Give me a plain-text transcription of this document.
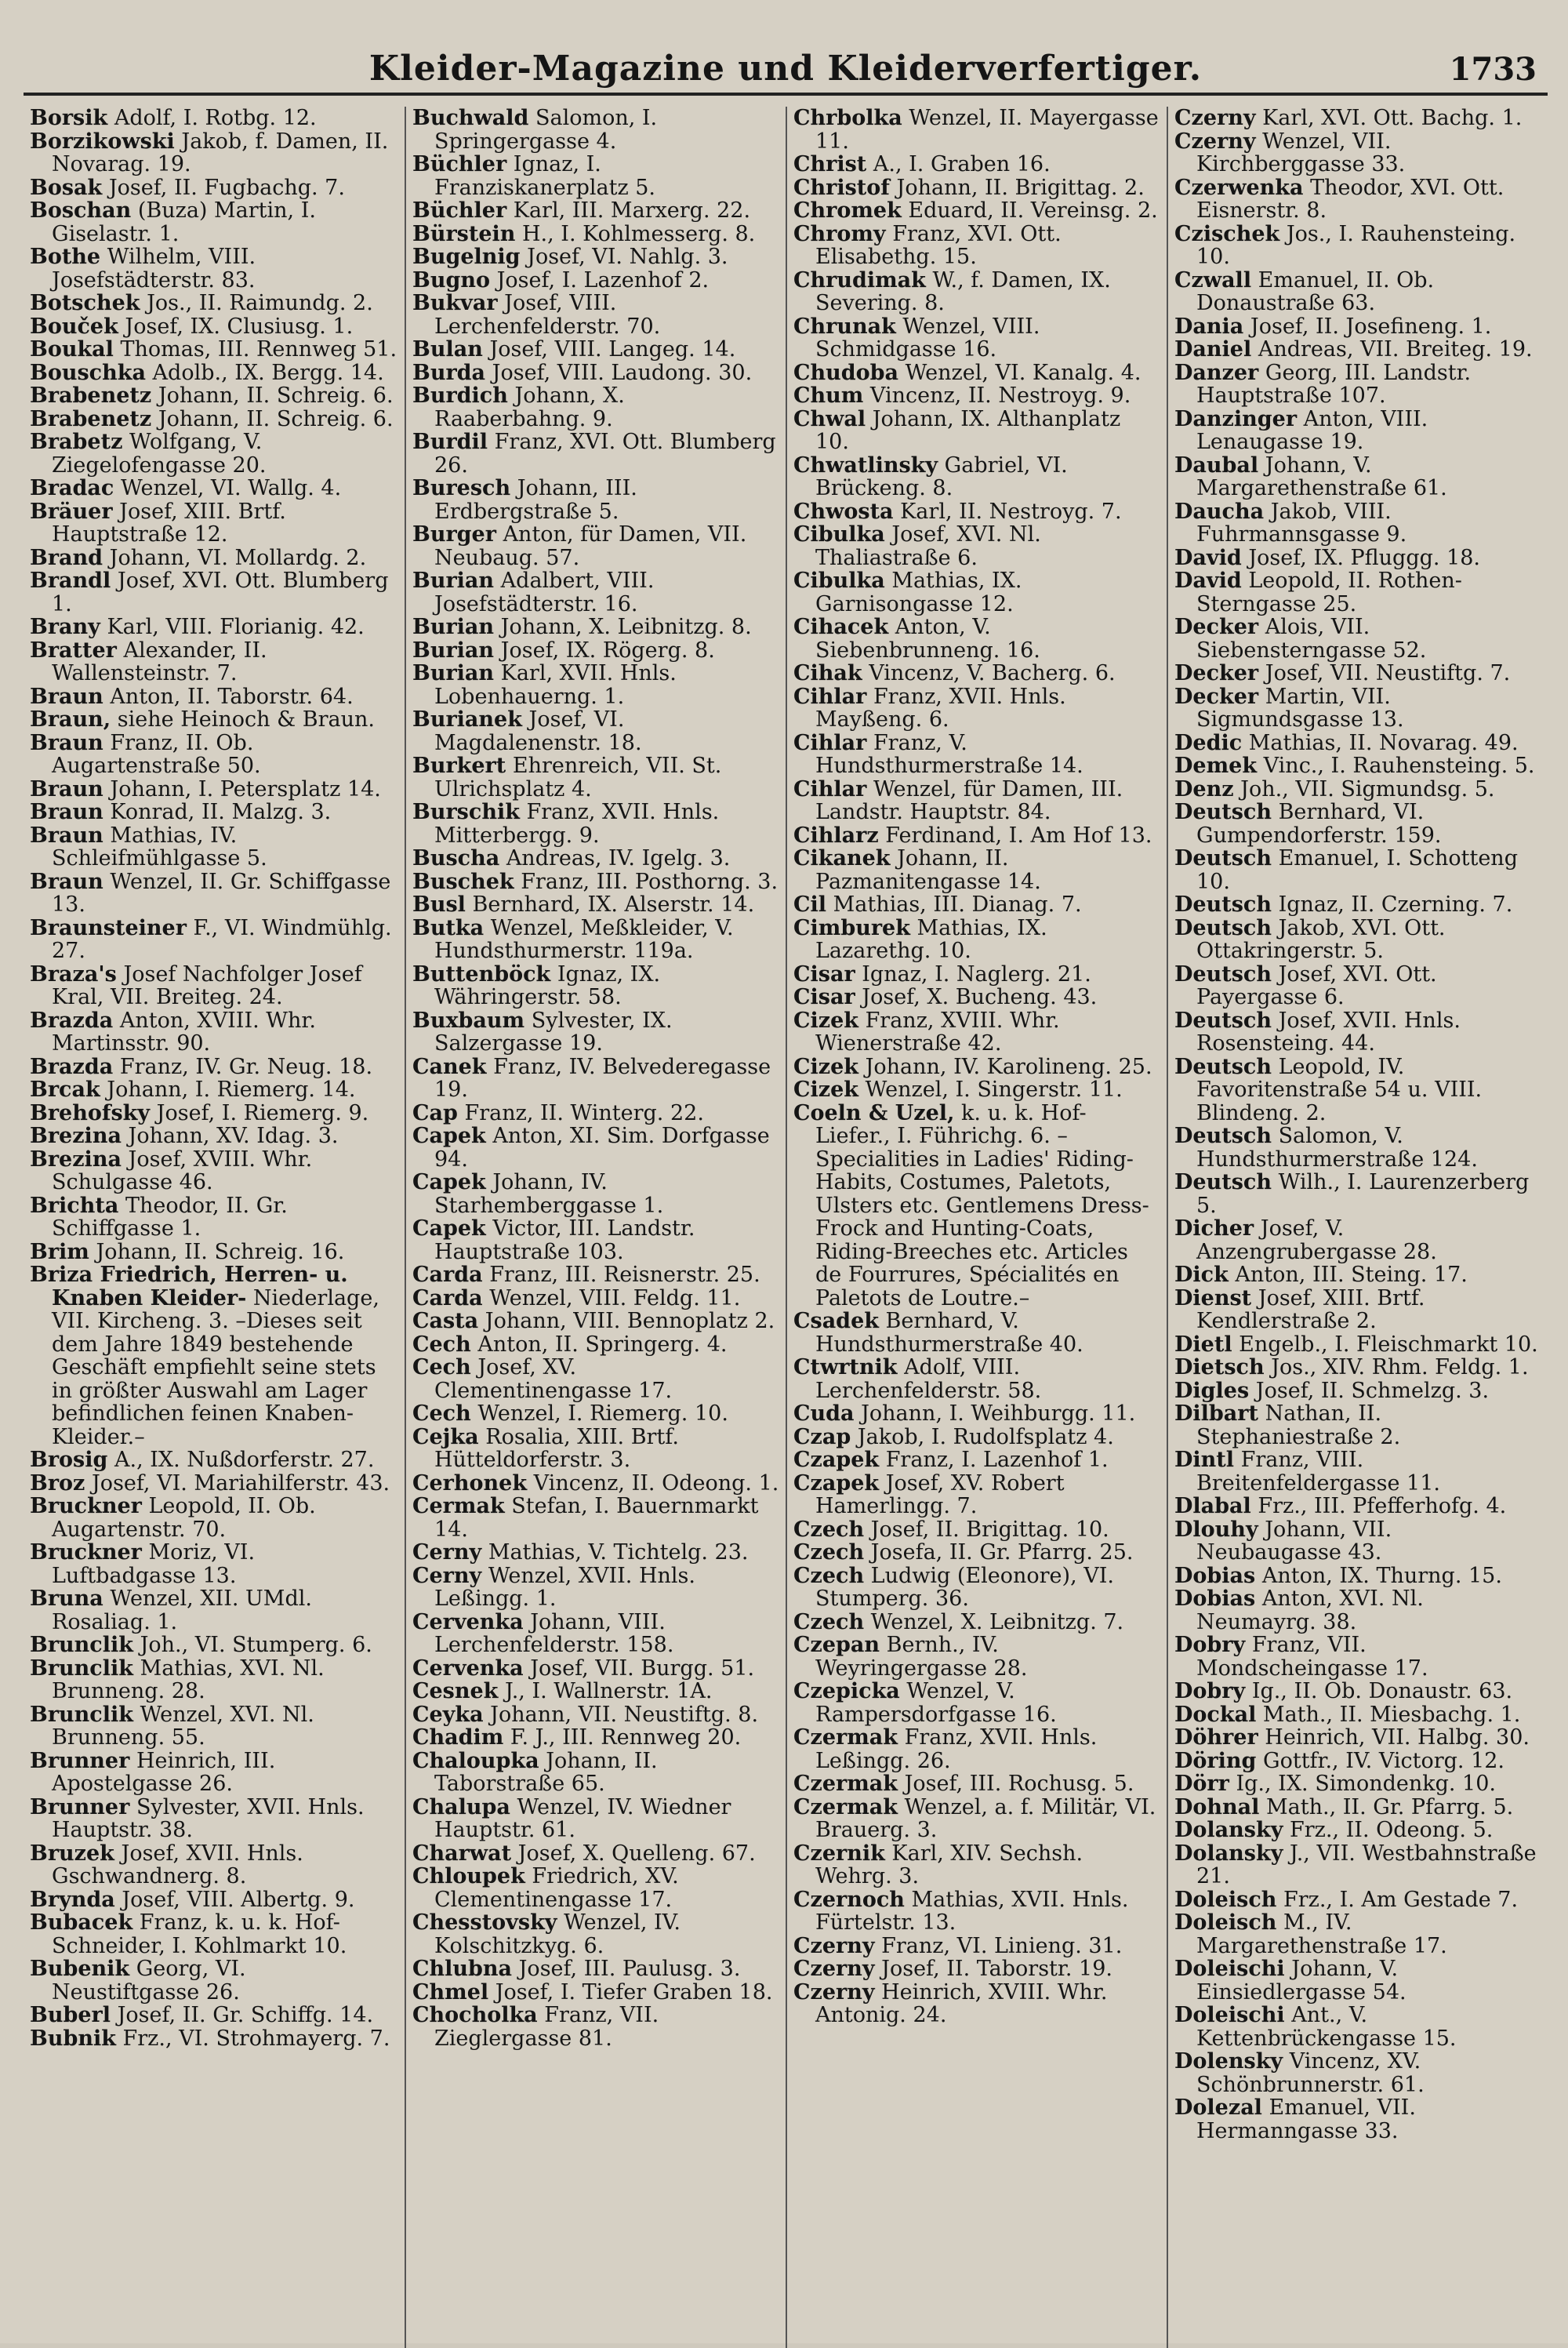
Kleider-Magazine und Kleiderverfertiger.	1733
Borsik Adolf, I. Rotbg. 12.
Borzikowski Jakob, f. Damen, II. Novarag. 19.
Bosak Josef, II. Fugbachg. 7.
Boschan (Buza) Martin, I. Giselastr. 1.
Bothe Wilhelm, VIII. Josefstädterstr. 83.
Botschek Jos., II. Raimundg. 2.
Bouček Josef, IX. Clusiusg. 1.
Boukal Thomas, III. Rennweg 51.
Bouschka Adolb., IX. Bergg. 14.
Brabenetz Johann, II. Schreig. 6.
Brabenetz Johann, II. Schreig. 6.
Brabetz Wolfgang, V. Ziegelofengasse 20.
Bradac Wenzel, VI. Wallg. 4.
Bräuer Josef, XIII. Brtf. Hauptstraße 12.
Brand Johann, VI. Mollardg. 2.
Brandl Josef, XVI. Ott. Blumberg 1.
Brany Karl, VIII. Florianig. 42.
Bratter Alexander, II. Wallensteinstr. 7.
Braun Anton, II. Taborstr. 64.
Braun, siehe Heinoch & Braun.
Braun Franz, II. Ob. Augartenstraße 50.
Braun Johann, I. Petersplatz 14.
Braun Konrad, II. Malzg. 3.
Braun Mathias, IV. Schleifmühlgasse 5.
Braun Wenzel, II. Gr. Schiffgasse 13.
Braunsteiner F., VI. Windmühlg. 27.
Braza's Josef Nachfolger Josef Kral, VII. Breiteg. 24.
Brazda Anton, XVIII. Whr. Martinsstr. 90.
Brazda Franz, IV. Gr. Neug. 18.
Brcak Johann, I. Riemerg. 14.
Brehofsky Josef, I. Riemerg. 9.
Brezina Johann, XV. Idag. 3.
Brezina Josef, XVIII. Whr. Schulgasse 46.
Brichta Theodor, II. Gr. Schiffgasse 1.
Brim Johann, II. Schreig. 16.
Briza Friedrich, Herren- u. Knaben Kleider- Niederlage, VII. Kircheng. 3. –Dieses seit dem Jahre 1849 bestehende Geschäft empfiehlt seine stets in größter Auswahl am Lager befindlichen feinen Knaben-Kleider.–
Brosig A., IX. Nußdorferstr. 27.
Broz Josef, VI. Mariahilferstr. 43.
Bruckner Leopold, II. Ob. Augartenstr. 70.
Bruckner Moriz, VI. Luftbadgasse 13.
Bruna Wenzel, XII. UMdl. Rosaliag. 1.
Brunclik Joh., VI. Stumperg. 6.
Brunclik Mathias, XVI. Nl. Brunneng. 28.
Brunclik Wenzel, XVI. Nl. Brunneng. 55.
Brunner Heinrich, III. Apostelgasse 26.
Brunner Sylvester, XVII. Hnls. Hauptstr. 38.
Bruzek Josef, XVII. Hnls. Gschwandnerg. 8.
Brynda Josef, VIII. Albertg. 9.
Bubacek Franz, k. u. k. Hof-Schneider, I. Kohlmarkt 10.
Bubenik Georg, VI. Neustiftgasse 26.
Buberl Josef, II. Gr. Schiffg. 14.
Bubnik Frz., VI. Strohmayerg. 7.
Buchwald Salomon, I. Springergasse 4.
Büchler Ignaz, I. Franziskanerplatz 5.
Büchler Karl, III. Marxerg. 22.
Bürstein H., I. Kohlmesserg. 8.
Bugelnig Josef, VI. Nahlg. 3.
Bugno Josef, I. Lazenhof 2.
Bukvar Josef, VIII. Lerchenfelderstr. 70.
Bulan Josef, VIII. Langeg. 14.
Burda Josef, VIII. Laudong. 30.
Burdich Johann, X. Raaberbahng. 9.
Burdil Franz, XVI. Ott. Blumberg 26.
Buresch Johann, III. Erdbergstraße 5.
Burger Anton, für Damen, VII. Neubaug. 57.
Burian Adalbert, VIII. Josefstädterstr. 16.
Burian Johann, X. Leibnitzg. 8.
Burian Josef, IX. Rögerg. 8.
Burian Karl, XVII. Hnls. Lobenhauerng. 1.
Burianek Josef, VI. Magdalenenstr. 18.
Burkert Ehrenreich, VII. St. Ulrichsplatz 4.
Burschik Franz, XVII. Hnls. Mitterbergg. 9.
Buscha Andreas, IV. Igelg. 3.
Buschek Franz, III. Posthorng. 3.
Busl Bernhard, IX. Alserstr. 14.
Butka Wenzel, Meßkleider, V. Hundsthurmerstr. 119a.
Buttenböck Ignaz, IX. Währingerstr. 58.
Buxbaum Sylvester, IX. Salzergasse 19.
Canek Franz, IV. Belvederegasse 19.
Cap Franz, II. Winterg. 22.
Capek Anton, XI. Sim. Dorfgasse 94.
Capek Johann, IV. Starhemberggasse 1.
Capek Victor, III. Landstr. Hauptstraße 103.
Carda Franz, III. Reisnerstr. 25.
Carda Wenzel, VIII. Feldg. 11.
Casta Johann, VIII. Bennoplatz 2.
Cech Anton, II. Springerg. 4.
Cech Josef, XV. Clementinengasse 17.
Cech Wenzel, I. Riemerg. 10.
Cejka Rosalia, XIII. Brtf. Hütteldorferstr. 3.
Cerhonek Vincenz, II. Odeong. 1.
Cermak Stefan, I. Bauernmarkt 14.
Cerny Mathias, V. Tichtelg. 23.
Cerny Wenzel, XVII. Hnls. Leßingg. 1.
Cervenka Johann, VIII. Lerchenfelderstr. 158.
Cervenka Josef, VII. Burgg. 51.
Cesnek J., I. Wallnerstr. 1A.
Ceyka Johann, VII. Neustiftg. 8.
Chadim F. J., III. Rennweg 20.
Chaloupka Johann, II. Taborstraße 65.
Chalupa Wenzel, IV. Wiedner Hauptstr. 61.
Charwat Josef, X. Quelleng. 67.
Chloupek Friedrich, XV. Clementinengasse 17.
Chesstovsky Wenzel, IV. Kolschitzkyg. 6.
Chlubna Josef, III. Paulusg. 3.
Chmel Josef, I. Tiefer Graben 18.
Chocholka Franz, VII. Zieglergasse 81.
Chrbolka Wenzel, II. Mayergasse 11.
Christ A., I. Graben 16.
Christof Johann, II. Brigittag. 2.
Chromek Eduard, II. Vereinsg. 2.
Chromy Franz, XVI. Ott. Elisabethg. 15.
Chrudimak W., f. Damen, IX. Severing. 8.
Chrunak Wenzel, VIII. Schmidgasse 16.
Chudoba Wenzel, VI. Kanalg. 4.
Chum Vincenz, II. Nestroyg. 9.
Chwal Johann, IX. Althanplatz 10.
Chwatlinsky Gabriel, VI. Brückeng. 8.
Chwosta Karl, II. Nestroyg. 7.
Cibulka Josef, XVI. Nl. Thaliastraße 6.
Cibulka Mathias, IX. Garnisongasse 12.
Cihacek Anton, V. Siebenbrunneng. 16.
Cihak Vincenz, V. Bacherg. 6.
Cihlar Franz, XVII. Hnls. Mayßeng. 6.
Cihlar Franz, V. Hundsthurmerstraße 14.
Cihlar Wenzel, für Damen, III. Landstr. Hauptstr. 84.
Cihlarz Ferdinand, I. Am Hof 13.
Cikanek Johann, II. Pazmanitengasse 14.
Cil Mathias, III. Dianag. 7.
Cimburek Mathias, IX. Lazarethg. 10.
Cisar Ignaz, I. Naglerg. 21.
Cisar Josef, X. Bucheng. 43.
Cizek Franz, XVIII. Whr. Wienerstraße 42.
Cizek Johann, IV. Karolineng. 25.
Cizek Wenzel, I. Singerstr. 11.
Coeln & Uzel, k. u. k. Hof-Liefer., I. Führichg. 6. –Specialities in Ladies' Riding-Habits, Costumes, Paletots, Ulsters etc. Gentlemens Dress-Frock and Hunting-Coats, Riding-Breeches etc. Articles de Fourrures, Spécialités en Paletots de Loutre.–
Csadek Bernhard, V. Hundsthurmerstraße 40.
Ctwrtnik Adolf, VIII. Lerchenfelderstr. 58.
Cuda Johann, I. Weihburgg. 11.
Czap Jakob, I. Rudolfsplatz 4.
Czapek Franz, I. Lazenhof 1.
Czapek Josef, XV. Robert Hamerlingg. 7.
Czech Josef, II. Brigittag. 10.
Czech Josefa, II. Gr. Pfarrg. 25.
Czech Ludwig (Eleonore), VI. Stumperg. 36.
Czech Wenzel, X. Leibnitzg. 7.
Czepan Bernh., IV. Weyringergasse 28.
Czepicka Wenzel, V. Rampersdorfgasse 16.
Czermak Franz, XVII. Hnls. Leßingg. 26.
Czermak Josef, III. Rochusg. 5.
Czermak Wenzel, a. f. Militär, VI. Brauerg. 3.
Czernik Karl, XIV. Sechsh. Wehrg. 3.
Czernoch Mathias, XVII. Hnls. Fürtelstr. 13.
Czerny Franz, VI. Linieng. 31.
Czerny Josef, II. Taborstr. 19.
Czerny Heinrich, XVIII. Whr. Antonig. 24.
Czerny Karl, XVI. Ott. Bachg. 1.
Czerny Wenzel, VII. Kirchberggasse 33.
Czerwenka Theodor, XVI. Ott. Eisnerstr. 8.
Czischek Jos., I. Rauhensteing. 10.
Czwall Emanuel, II. Ob. Donaustraße 63.
Dania Josef, II. Josefineng. 1.
Daniel Andreas, VII. Breiteg. 19.
Danzer Georg, III. Landstr. Hauptstraße 107.
Danzinger Anton, VIII. Lenaugasse 19.
Daubal Johann, V. Margarethenstraße 61.
Daucha Jakob, VIII. Fuhrmannsgasse 9.
David Josef, IX. Pfluggg. 18.
David Leopold, II. Rothen-Sterngasse 25.
Decker Alois, VII. Siebensterngasse 52.
Decker Josef, VII. Neustiftg. 7.
Decker Martin, VII. Sigmundsgasse 13.
Dedic Mathias, II. Novarag. 49.
Demek Vinc., I. Rauhensteing. 5.
Denz Joh., VII. Sigmundsg. 5.
Deutsch Bernhard, VI. Gumpendorferstr. 159.
Deutsch Emanuel, I. Schotteng 10.
Deutsch Ignaz, II. Czerning. 7.
Deutsch Jakob, XVI. Ott. Ottakringerstr. 5.
Deutsch Josef, XVI. Ott. Payergasse 6.
Deutsch Josef, XVII. Hnls. Rosensteing. 44.
Deutsch Leopold, IV. Favoritenstraße 54 u. VIII. Blindeng. 2.
Deutsch Salomon, V. Hundsthurmerstraße 124.
Deutsch Wilh., I. Laurenzerberg 5.
Dicher Josef, V. Anzengrubergasse 28.
Dick Anton, III. Steing. 17.
Dienst Josef, XIII. Brtf. Kendlerstraße 2.
Dietl Engelb., I. Fleischmarkt 10.
Dietsch Jos., XIV. Rhm. Feldg. 1.
Digles Josef, II. Schmelzg. 3.
Dilbart Nathan, II. Stephaniestraße 2.
Dintl Franz, VIII. Breitenfeldergasse 11.
Dlabal Frz., III. Pfefferhofg. 4.
Dlouhy Johann, VII. Neubaugasse 43.
Dobias Anton, IX. Thurng. 15.
Dobias Anton, XVI. Nl. Neumayrg. 38.
Dobry Franz, VII. Mondscheingasse 17.
Dobry Ig., II. Ob. Donaustr. 63.
Dockal Math., II. Miesbachg. 1.
Döhrer Heinrich, VII. Halbg. 30.
Döring Gottfr., IV. Victorg. 12.
Dörr Ig., IX. Simondenkg. 10.
Dohnal Math., II. Gr. Pfarrg. 5.
Dolansky Frz., II. Odeong. 5.
Dolansky J., VII. Westbahnstraße 21.
Doleisch Frz., I. Am Gestade 7.
Doleisch M., IV. Margarethenstraße 17.
Doleischi Johann, V. Einsiedlergasse 54.
Doleischi Ant., V. Kettenbrückengasse 15.
Dolensky Vincenz, XV. Schönbrunnerstr. 61.
Dolezal Emanuel, VII. Hermanngasse 33.
